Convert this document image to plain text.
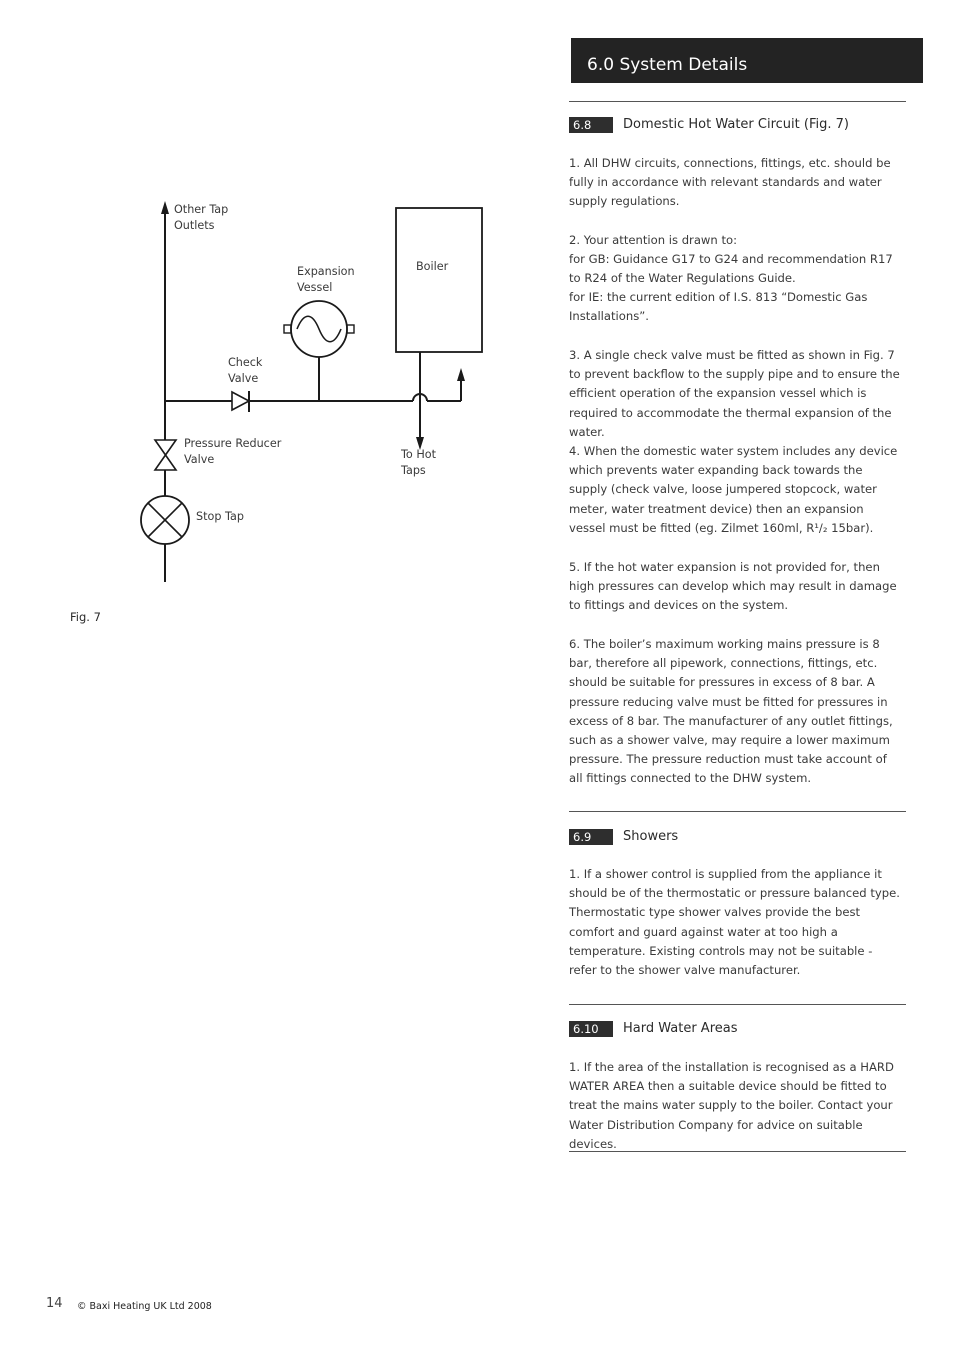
6.0 System Details
Other Tap
Outlets
Expansion
Vessel
Boiler
Check
Valve
Pressure Reducer
Valve	To Hot
Taps
Stop Tap
Fig. 7
6.8	Domestic Hot Water Circuit (Fig. 7)
1. All DHW circuits, connections, fittings, etc. should be fully in accordance with relevant standards and water supply regulations.
2. Your attention is drawn to:
for GB: Guidance G17 to G24 and recommendation R17 to R24 of the Water Regulations Guide.
for IE: the current edition of I.S. 813 “Domestic Gas Installations”.
3. A single check valve must be fitted as shown in Fig. 7 to prevent backflow to the supply pipe and to ensure the efficient operation of the expansion vessel which is required to accommodate the thermal expansion of the water.
4. When the domestic water system includes any device which prevents water expanding back towards the supply (check valve, loose jumpered stopcock, water meter, water treatment device) then an expansion vessel must be fitted (eg. Zilmet 160ml, R¹/₂ 15bar).
5. If the hot water expansion is not provided for, then high pressures can develop which may result in damage to fittings and devices on the system.
6. The boiler’s maximum working mains pressure is 8 bar, therefore all pipework, connections, fittings, etc. should be suitable for pressures in excess of 8 bar. A pressure reducing valve must be fitted for pressures in excess of 8 bar. The manufacturer of any outlet fittings, such as a shower valve, may require a lower maximum pressure. The pressure reduction must take account of all fittings connected to the DHW system.
6.9	Showers
1. If a shower control is supplied from the appliance it should be of the thermostatic or pressure balanced type. Thermostatic type shower valves provide the best comfort and guard against water at too high a temperature. Existing controls may not be suitable - refer to the shower valve manufacturer.
6.10	Hard Water Areas
1. If the area of the installation is recognised as a HARD WATER AREA then a suitable device should be fitted to treat the mains water supply to the boiler. Contact your Water Distribution Company for advice on suitable devices.
14 © Baxi Heating UK Ltd 2008
